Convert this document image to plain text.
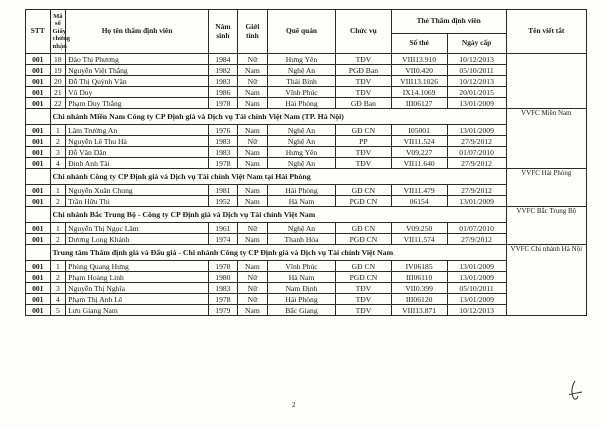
STT	Mã số Giấy chứng nhận	Họ tên thẩm định viên	Năm sinh	Giới tính	Quê quán	Chức vụ	Thẻ Thẩm định viên		Tên viết tắt
							Số thẻ	Ngày cấp	
001	18	Đào Thị Phương	1984	Nữ	Hưng Yên	TĐV	VIII13.910	10/12/2013	
001	19	Nguyễn Việt Thắng	1982	Nam	Nghệ An	PGĐ Ban	VII0.420	05/10/2011	
001	20	Đỗ Thị Quỳnh Vân	1983	Nữ	Thái Bình	TĐV	VIII13.1026	10/12/2013	
001	21	Vũ Duy	1986	Nam	Vĩnh Phúc	TĐV	IX14.1069	20/01/2015	
001	22	Phạm Duy Thắng	1978	Nam	Hải Phòng	GĐ Ban	III06127	13/01/2009	
	Chi nhánh Miền Nam Công ty CP Định giá và Dịch vụ Tài chính Việt Nam (TP. Hà Nội)								VVFC Miền Nam
001	1	Lâm Trường An	1976	Nam	Nghệ An	GĐ CN	I05001	13/01/2009	
001	2	Nguyễn Lê Thu Hà	1983	Nữ	Nghệ An	PP	VII11.524	27/9/2012	
001	3	Đỗ Văn Dân	1983	Nam	Hưng Yên	TĐV	V09.227	01/07/2010	
001	4	Đinh Anh Tài	1978	Nam	Nghệ An	TĐV	VII11.640	27/9/2012	
	Chi nhánh Công ty CP Định giá và Dịch vụ Tài chính Việt Nam tại Hải Phòng								VVFC Hải Phòng
001	1	Nguyễn Xuân Chung	1981	Nam	Hải Phòng	GĐ CN	VII11.479	27/9/2012	
001	2	Trần Hữu Thi	1952	Nam	Hà Nam	PGĐ CN	06154	13/01/2009	
	Chi nhánh Bắc Trung Bộ - Công ty CP Định giá và Dịch vụ Tài chính Việt Nam								VVFC Bắc Trung Bộ
001	1	Nguyễn Thị Ngọc Lâm	1961	Nữ	Nghệ An	GĐ CN	V09.250	01/07/2010	
001	2	Dương Long Khánh	1974	Nam	Thanh Hóa	PGĐ CN	VII11.574	27/9/2012	
	Trung tâm Thẩm định giá và Đấu giá - Chi nhánh Công ty CP Định giá và Dịch vụ Tài chính Việt Nam								VVFC Chi nhánh Hà Nội
001	1	Phùng Quang Hưng	1978	Nam	Vĩnh Phúc	GĐ CN	IV06185	13/01/2009	
001	2	Phạm Hoàng Linh	1980	Nữ	Hà Nam	PGĐ CN	III06110	13/01/2009	
001	3	Nguyễn Thị Nghĩa	1983	Nữ	Nam Định	TĐV	VII0.399	05/10/2011	
001	4	Phạm Thị Anh Lê	1978	Nữ	Hải Phòng	TĐV	III06120	13/01/2009	
001	5	Lưu Giang Nam	1979	Nam	Bắc Giang	TĐV	VIII13.871	10/12/2013	
2
